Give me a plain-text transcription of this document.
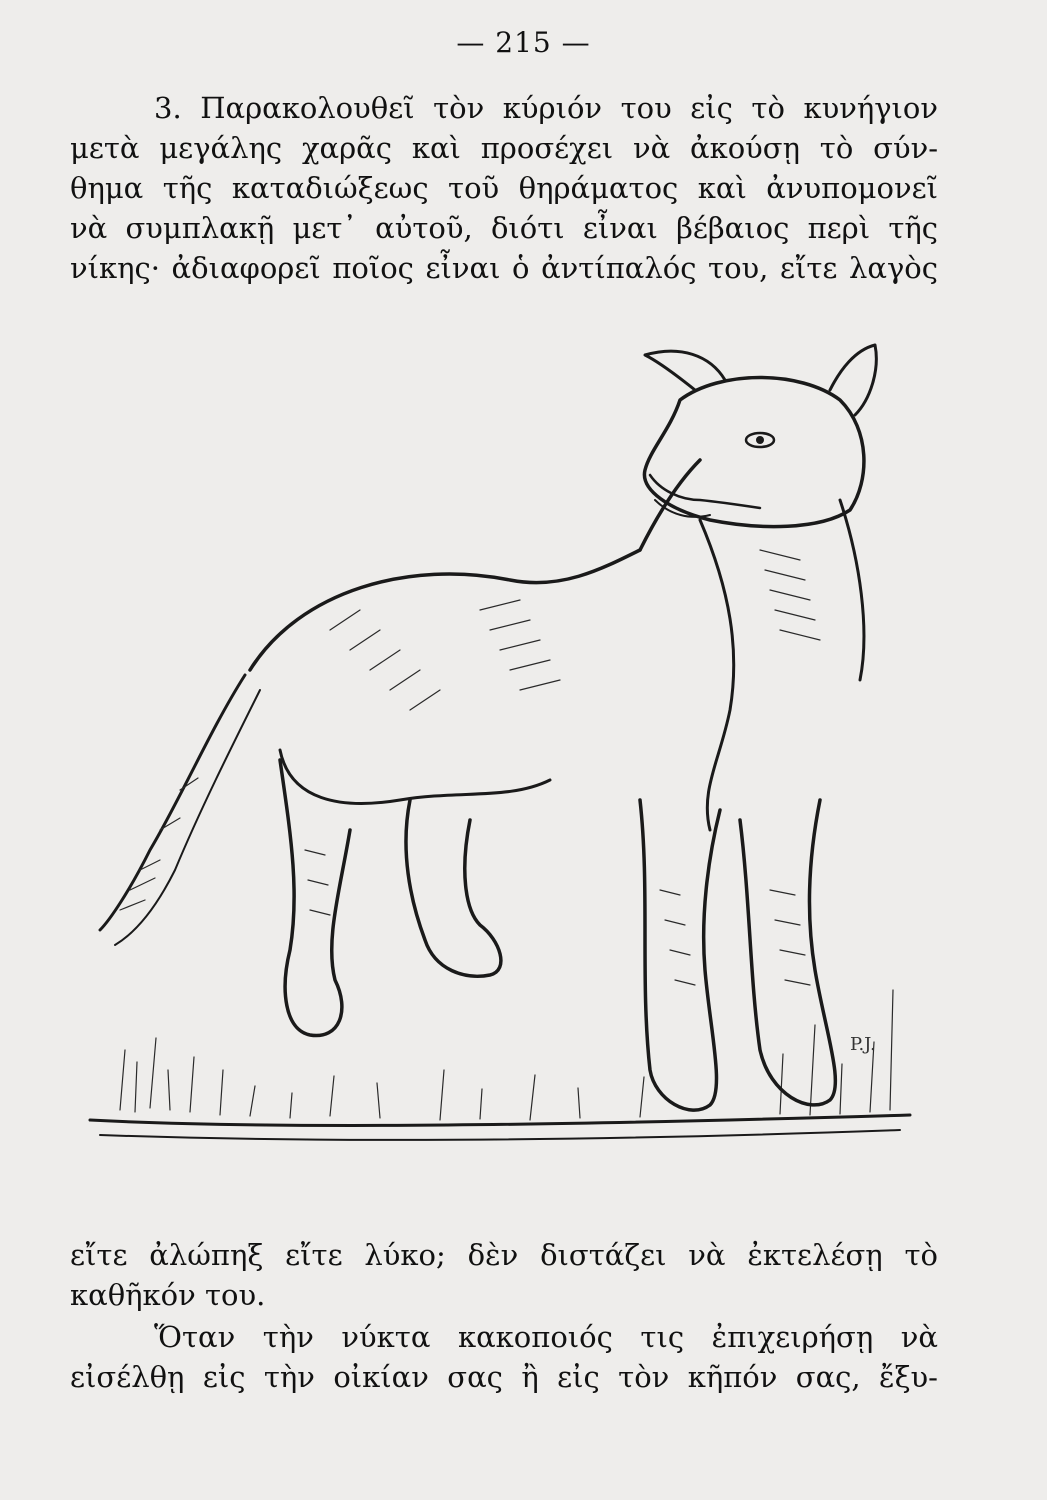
— 215 —
3. Παρακολουθεῖ τὸν κύριόν του εἰς τὸ κυνήγιον
μετὰ μεγάλης χαρᾶς καὶ προσέχει νὰ ἀκούσῃ τὸ σύν-
θημα τῆς καταδιώξεως τοῦ θηράματος καὶ ἀνυπομονεῖ
νὰ συμπλακῇ μετ᾽ αὐτοῦ, διότι εἶναι βέβαιος περὶ τῆς
νίκης· ἀδιαφορεῖ ποῖος εἶναι ὁ ἀντίπαλός του, εἴτε λαγὸς
P.J.
εἴτε ἀλώπηξ εἴτε λύκο; δὲν διστάζει νὰ ἐκτελέσῃ τὸ
καθῆκόν του.
Ὅταν τὴν νύκτα κακοποιός τις ἐπιχειρήσῃ νὰ
εἰσέλθῃ εἰς τὴν οἰκίαν σας ἢ εἰς τὸν κῆπόν σας, ἔξυ-
